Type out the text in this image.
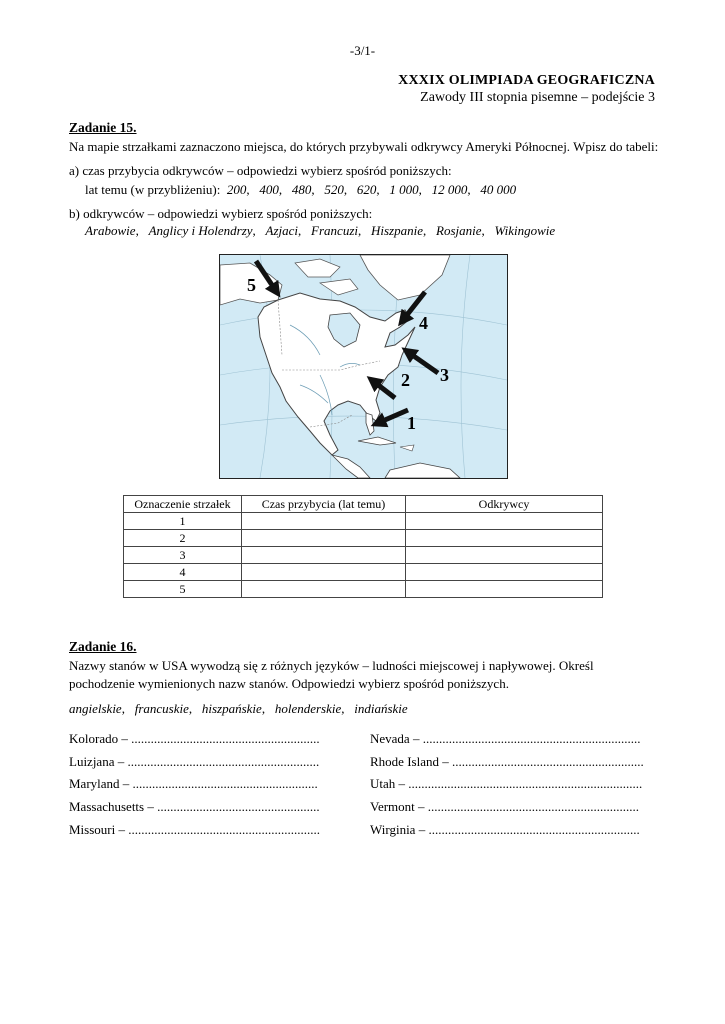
-3/1-
XXXIX OLIMPIADA GEOGRAFICZNA
Zawody III stopnia pisemne – podejście 3
Zadanie 15.
Na mapie strzałkami zaznaczono miejsca, do których przybywali odkrywcy Ameryki Północnej. Wpisz do tabeli:
a) czas przybycia odkrywców – odpowiedzi wybierz spośród poniższych:
lat temu (w przybliżeniu): 200,   400,   480,   520,   620,   1 000,   12 000,   40 000
b) odkrywców – odpowiedzi wybierz spośród poniższych:
Arabowie,   Anglicy i Holendrzy,   Azjaci,   Francuzi,   Hiszpanie,   Rosjanie,   Wikingowie
5
4
3
2
1
Oznaczenie strzałek	Czas przybycia (lat temu)	Odkrywcy
1		
2		
3		
4		
5		
Zadanie 16.
Nazwy stanów w USA wywodzą się z różnych języków – ludności miejscowej i napływowej. Określ pochodzenie wymienionych nazw stanów. Odpowiedzi wybierz spośród poniższych.
angielskie,   francuskie,   hiszpańskie,   holenderskie,   indiańskie
Kolorado – ..........................................................
Luizjana – ...........................................................
Maryland – .........................................................
Massachusetts – ..................................................
Missouri – ...........................................................
Nevada – ...................................................................
Rhode Island – ...........................................................
Utah – ........................................................................
Vermont – .................................................................
Wirginia – .................................................................
